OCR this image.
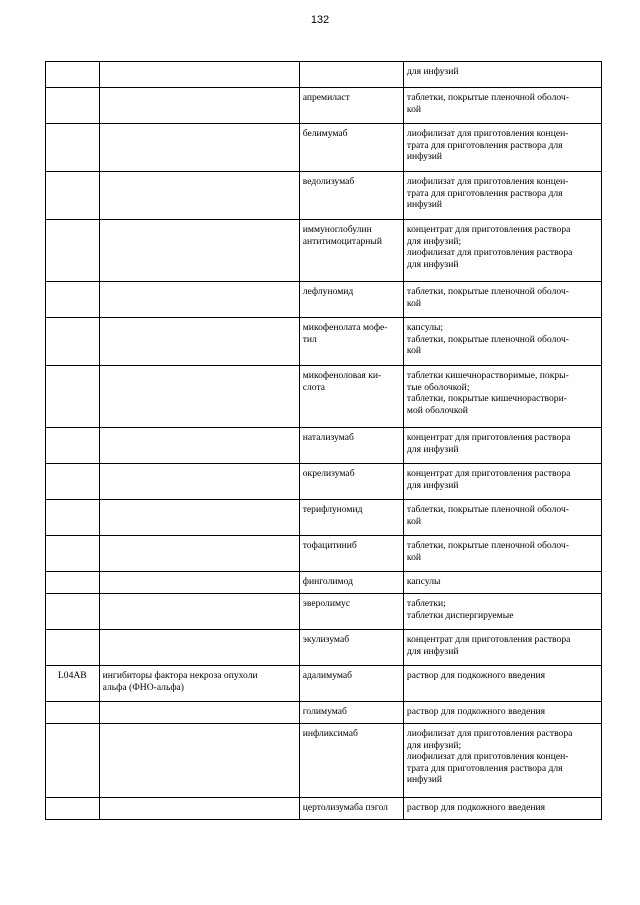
132

			для инфузий

		апремиласт	таблетки, покрытые пленочной оболоч-
кой

		белимумаб	лиофилизат для приготовления концен-
трата для приготовления раствора для
инфузий

		ведолизумаб	лиофилизат для приготовления концен-
трата для приготовления раствора для
инфузий

		иммуноглобулин
антитимоцитарный	концентрат для приготовления раствора
для инфузий;
лиофилизат для приготовления раствора
для инфузий

		лефлуномид	таблетки, покрытые пленочной оболоч-
кой

		микофенолата мофе-
тил	капсулы;
таблетки, покрытые пленочной оболоч-
кой

		микофеноловая ки-
слота	таблетки кишечнорастворимые, покры-
тые оболочкой;
таблетки, покрытые кишечнораствори-
мой оболочкой

		натализумаб	концентрат для приготовления раствора
для инфузий

		окрелизумаб	концентрат для приготовления раствора
для инфузий

		терифлуномид	таблетки, покрытые пленочной оболоч-
кой

		тофацитиниб	таблетки, покрытые пленочной оболоч-
кой

		финголимод	капсулы

		эверолимус	таблетки;
таблетки диспергируемые

		экулизумаб	концентрат для приготовления раствора
для инфузий

L04AB	ингибиторы фактора некроза опухоли
альфа (ФНО-альфа)	адалимумаб	раствор для подкожного введения

		голимумаб	раствор для подкожного введения

		инфликсимаб	лиофилизат для приготовления раствора
для инфузий;
лиофилизат для приготовления концен-
трата для приготовления раствора для
инфузий

		цертолизумаба пэгол	раствор для подкожного введения
